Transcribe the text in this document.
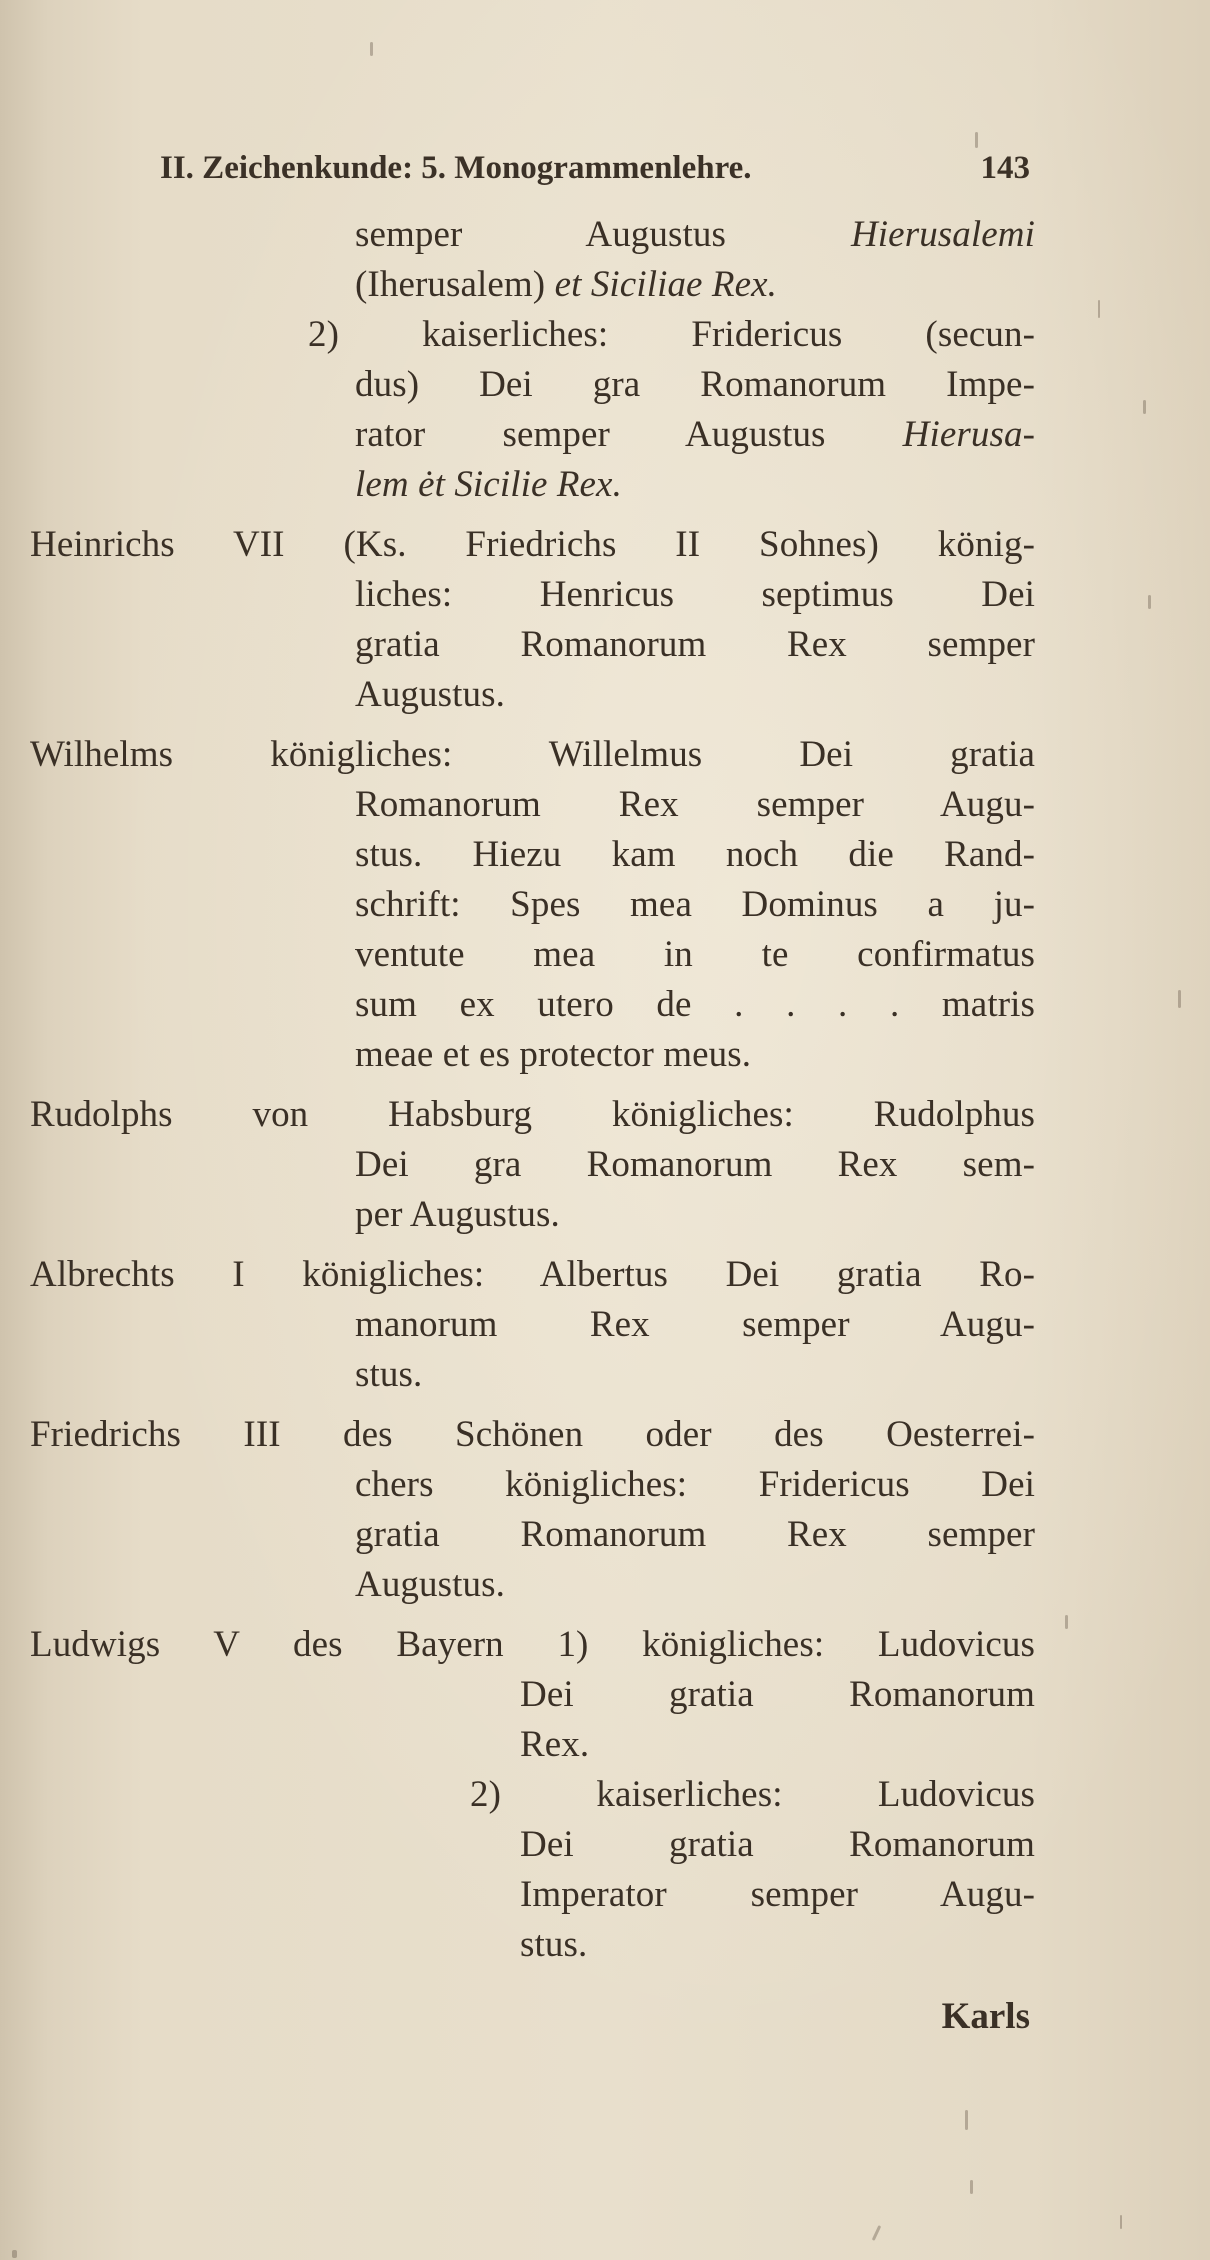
II. Zeichenkunde: 5. Monogrammenlehre.	143
semper Augustus Hierusalemi
(Iherusalem) et Siciliae Rex.
2) kaiserliches: Fridericus (secun-
dus) Dei gra Romanorum Impe-
rator semper Augustus Hierusa-
lem ėt Sicilie Rex.
Heinrichs VII (Ks. Friedrichs II Sohnes) könig-
liches: Henricus septimus Dei
gratia Romanorum Rex semper
Augustus.
Wilhelms königliches: Willelmus Dei gratia
Romanorum Rex semper Augu-
stus. Hiezu kam noch die Rand-
schrift: Spes mea Dominus a ju-
ventute mea in te confirmatus
sum ex utero de . . . . matris
meae et es protector meus.
Rudolphs von Habsburg königliches: Rudolphus
Dei gra Romanorum Rex sem-
per Augustus.
Albrechts I königliches: Albertus Dei gratia Ro-
manorum Rex semper Augu-
stus.
Friedrichs III des Schönen oder des Oesterrei-
chers königliches: Fridericus Dei
gratia Romanorum Rex semper
Augustus.
Ludwigs V des Bayern 1) königliches: Ludovicus
Dei gratia Romanorum
Rex.
2) kaiserliches: Ludovicus
Dei gratia Romanorum
Imperator semper Augu-
stus.
Karls
